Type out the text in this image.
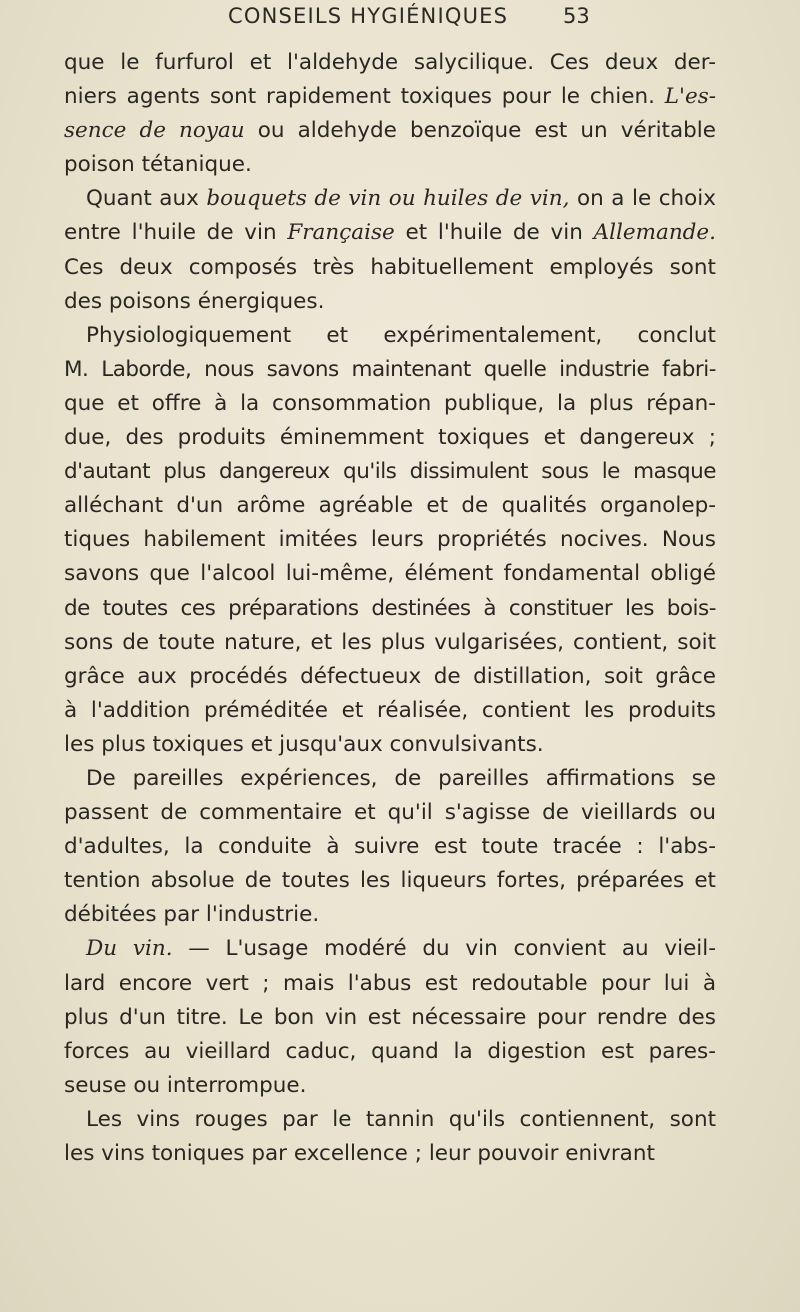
CONSEILS HYGIÉNIQUES	53
que le furfurol et l'aldehyde salycilique. Ces deux der-
niers agents sont rapidement toxiques pour le chien. L'es-
sence de noyau ou aldehyde benzoïque est un véritable
poison tétanique.
Quant aux bouquets de vin ou huiles de vin, on a le choix
entre l'huile de vin Française et l'huile de vin Allemande.
Ces deux composés très habituellement employés sont
des poisons énergiques.
Physiologiquement et expérimentalement, conclut
M. Laborde, nous savons maintenant quelle industrie fabri-
que et offre à la consommation publique, la plus répan-
due, des produits éminemment toxiques et dangereux ;
d'autant plus dangereux qu'ils dissimulent sous le masque
alléchant d'un arôme agréable et de qualités organolep-
tiques habilement imitées leurs propriétés nocives. Nous
savons que l'alcool lui-même, élément fondamental obligé
de toutes ces préparations destinées à constituer les bois-
sons de toute nature, et les plus vulgarisées, contient, soit
grâce aux procédés défectueux de distillation, soit grâce
à l'addition préméditée et réalisée, contient les produits
les plus toxiques et jusqu'aux convulsivants.
De pareilles expériences, de pareilles affirmations se
passent de commentaire et qu'il s'agisse de vieillards ou
d'adultes, la conduite à suivre est toute tracée : l'abs-
tention absolue de toutes les liqueurs fortes, préparées et
débitées par l'industrie.
Du vin. — L'usage modéré du vin convient au vieil-
lard encore vert ; mais l'abus est redoutable pour lui à
plus d'un titre. Le bon vin est nécessaire pour rendre des
forces au vieillard caduc, quand la digestion est pares-
seuse ou interrompue.
Les vins rouges par le tannin qu'ils contiennent, sont
les vins toniques par excellence ; leur pouvoir enivrant
